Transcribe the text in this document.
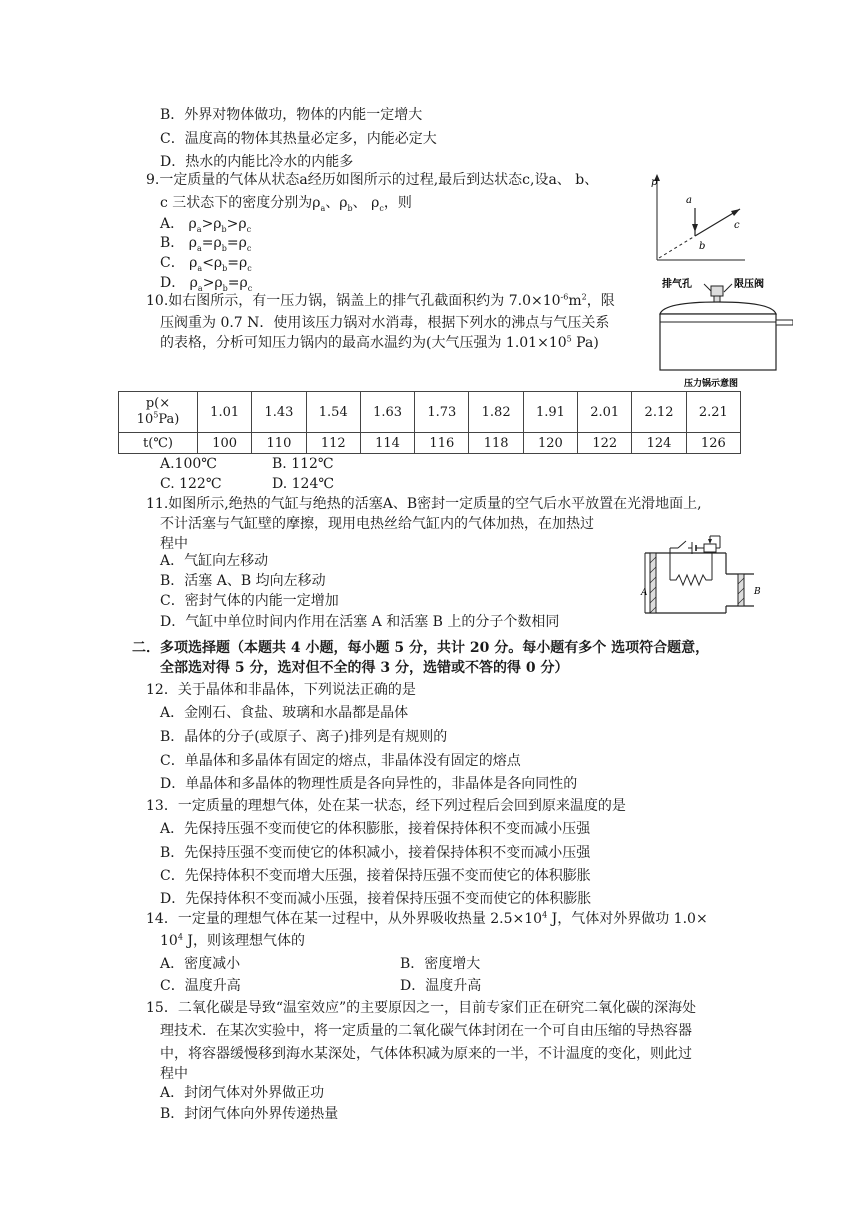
B．外界对物体做功，物体的内能一定增大
C．温度高的物体其热量必定多，内能必定大
D．热水的内能比冷水的内能多
9.一定质量的气体从状态a经历如图所示的过程,最后到达状态c,设a、 b、
c 三状态下的密度分别为$\rho_a$、$\rho_b$、 $\rho_c$，则
A． $\rho_a>\rho_b>\rho_c$
B． $\rho_a=\rho_b=\rho_c$
C． $\rho_a<\rho_b=\rho_c$
D． $\rho_a>\rho_b=\rho_c$
p
a
b
c
10.如右图所示，有一压力锅，锅盖上的排气孔截面积约为 $7.0\times 10^{-6}m^2$，限
压阀重为 0.7 N．使用该压力锅对水消毒，根据下列水的沸点与气压关系
的表格，分析可知压力锅内的最高水温约为(大气压强为 $1.01\times 10^5$ Pa)
排气孔	限压阀
压力锅示意图
p(×
$10^5Pa$)	1.01	1.43	1.54	1.63	1.73	1.82	1.91	2.01	2.12	2.21
t(℃)	100	110	112	114	116	118	120	122	124	126
A.100℃	B. 112℃
C. 122℃	D. 124℃
11.如图所示,绝热的气缸与绝热的活塞A、B密封一定质量的空气后水平放置在光滑地面上,
不计活塞与气缸壁的摩擦，现用电热丝给气缸内的气体加热，在加热过
程中
A．气缸向左移动
B．活塞 A、B 均向左移动
C．密封气体的内能一定增加
D．气缸中单位时间内作用在活塞 A 和活塞 B 上的分子个数相同
A	B
二．多项选择题（本题共 4 小题，每小题 5 分，共计 20 分。每小题有多个 选项符合题意，
全部选对得 5 分，选对但不全的得 3 分，选错或不答的得 0 分）
12．关于晶体和非晶体，下列说法正确的是
A．金刚石、食盐、玻璃和水晶都是晶体
B．晶体的分子(或原子、离子)排列是有规则的
C．单晶体和多晶体有固定的熔点，非晶体没有固定的熔点
D．单晶体和多晶体的物理性质是各向异性的，非晶体是各向同性的
13．一定质量的理想气体，处在某一状态，经下列过程后会回到原来温度的是
A．先保持压强不变而使它的体积膨胀，接着保持体积不变而减小压强
B．先保持压强不变而使它的体积减小，接着保持体积不变而减小压强
C．先保持体积不变而增大压强，接着保持压强不变而使它的体积膨胀
D．先保持体积不变而减小压强，接着保持压强不变而使它的体积膨胀
14．一定量的理想气体在某一过程中，从外界吸收热量 $2.5\times 10^4$ J，气体对外界做功 1.0×
$10^4$ J，则该理想气体的
A．密度减小	B．密度增大
C．温度升高	D．温度升高
15．二氧化碳是导致“温室效应”的主要原因之一，目前专家们正在研究二氧化碳的深海处
理技术．在某次实验中，将一定质量的二氧化碳气体封闭在一个可自由压缩的导热容器
中，将容器缓慢移到海水某深处，气体体积减为原来的一半，不计温度的变化，则此过
程中
A．封闭气体对外界做正功
B．封闭气体向外界传递热量
